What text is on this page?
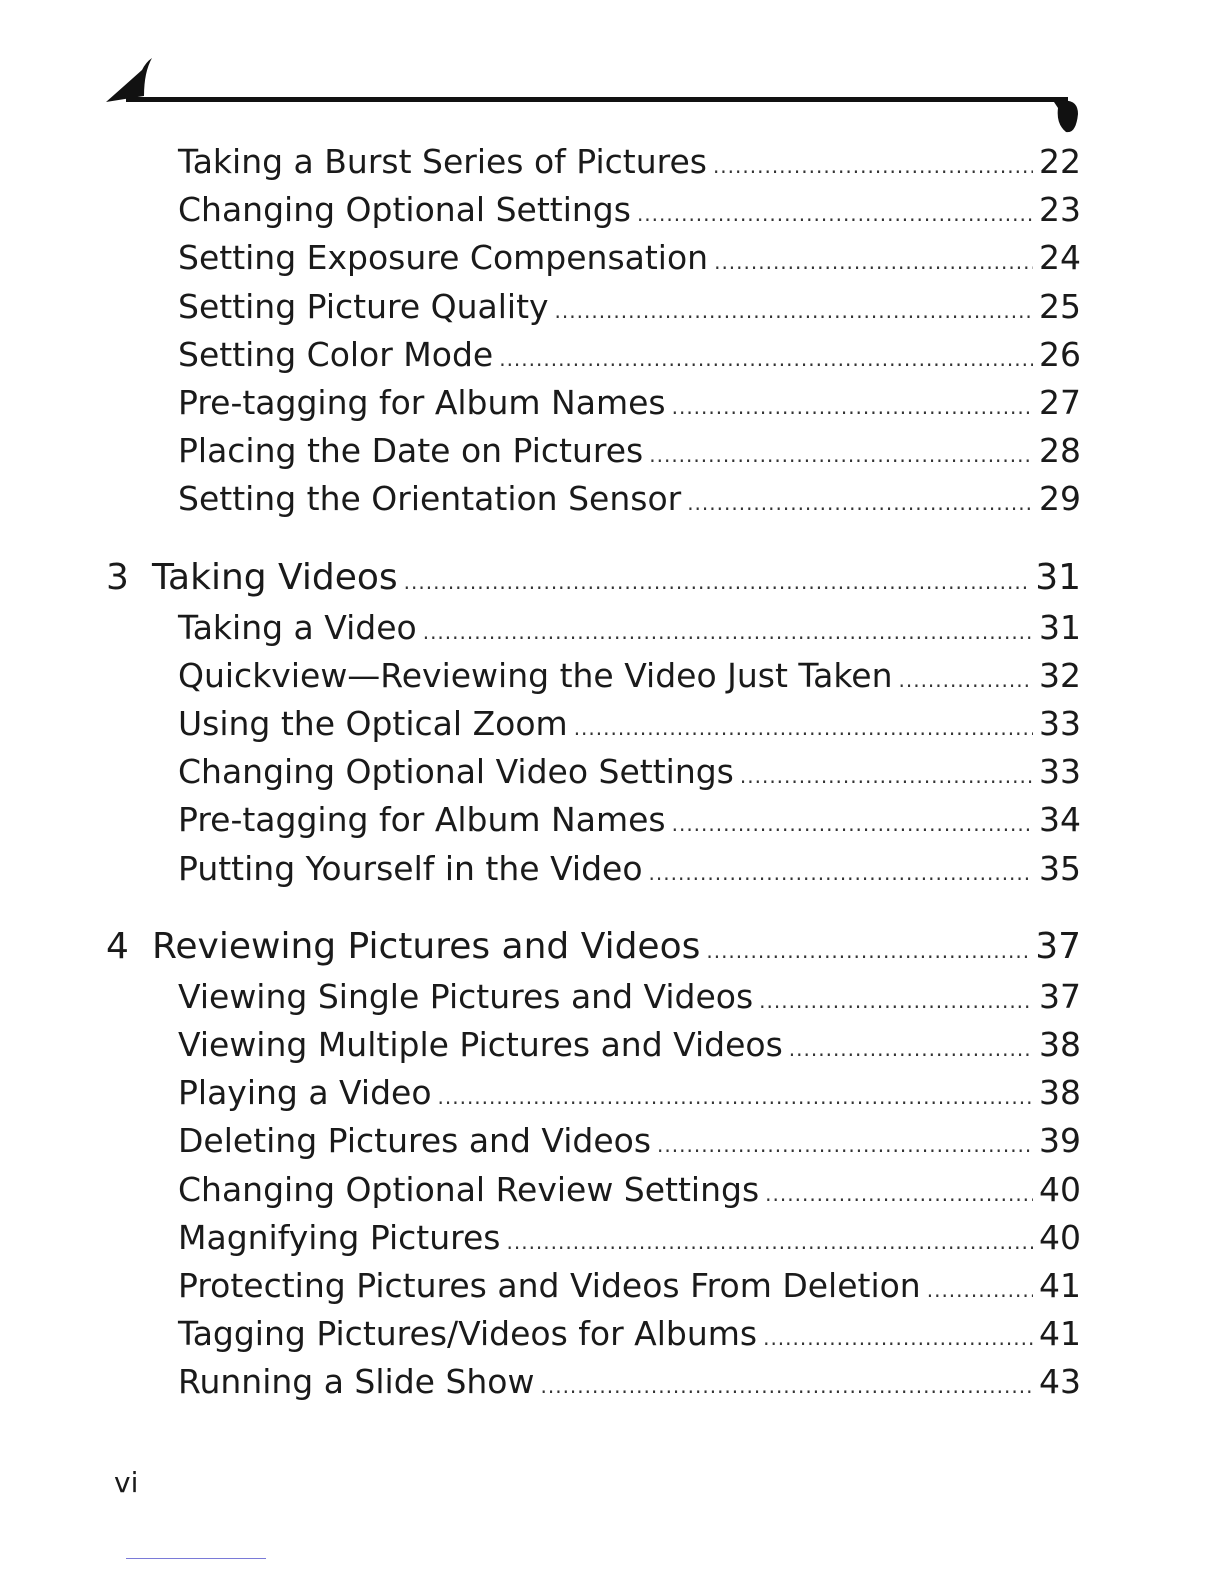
Taking a Burst Series of Pictures .....	22
Changing Optional Settings .....	23
Setting Exposure Compensation .....	24
Setting Picture Quality .....	25
Setting Color Mode .....	26
Pre-tagging for Album Names .....	27
Placing the Date on Pictures .....	28
Setting the Orientation Sensor .....	29
3 Taking Videos .....	31
Taking a Video .....	31
Quickview—Reviewing the Video Just Taken .....	32
Using the Optical Zoom .....	33
Changing Optional Video Settings .....	33
Pre-tagging for Album Names .....	34
Putting Yourself in the Video .....	35
4 Reviewing Pictures and Videos .....	37
Viewing Single Pictures and Videos .....	37
Viewing Multiple Pictures and Videos .....	38
Playing a Video .....	38
Deleting Pictures and Videos .....	39
Changing Optional Review Settings .....	40
Magnifying Pictures .....	40
Protecting Pictures and Videos From Deletion .....	41
Tagging Pictures/Videos for Albums .....	41
Running a Slide Show .....	43
vi
